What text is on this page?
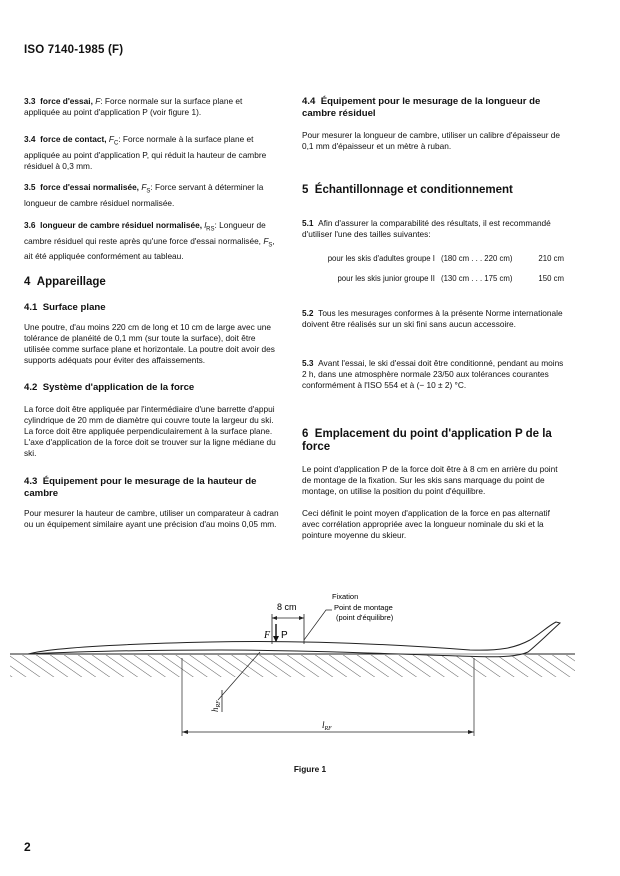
ISO 7140-1985 (F)

3.3 force d'essai, F: Force normale sur la surface plane et appliquée au point d'application P (voir figure 1).

3.4 force de contact, $F_C$: Force normale à la surface plane et appliquée au point d'application P, qui réduit la hauteur de cambre résiduel à 0,3 mm.

3.5 force d'essai normalisée, $F_S$: Force servant à déterminer la longueur de cambre résiduel normalisée.

3.6 longueur de cambre résiduel normalisée, $l_{RS}$: Longueur de cambre résiduel qui reste après qu'une force d'essai normalisée, $F_S$, ait été appliquée conformément au tableau.

4 Appareillage
4.1 Surface plane

Une poutre, d'au moins 220 cm de long et 10 cm de large avec une tolérance de planéité de 0,1 mm (sur toute la surface), doit être utilisée comme surface plane et horizontale. La poutre doit avoir des supports adéquats pour éviter des affaissements.

4.2 Système d'application de la force

La force doit être appliquée par l'intermédiaire d'une barrette d'appui cylindrique de 20 mm de diamètre qui couvre toute la largeur du ski. La force doit être appliquée perpendiculairement à la surface plane. L'axe d'application de la force doit se trouver sur la ligne médiane du ski.

4.3 Équipement pour le mesurage de la hauteur de cambre

Pour mesurer la hauteur de cambre, utiliser un comparateur à cadran ou un équipement similaire ayant une précision d'au moins 0,05 mm.

4.4 Équipement pour le mesurage de la longueur de cambre résiduel

Pour mesurer la longueur de cambre, utiliser un calibre d'épaisseur de 0,1 mm d'épaisseur et un mètre à ruban.

5 Échantillonnage et conditionnement

5.1 Afin d'assurer la comparabilité des résultats, il est recommandé d'utiliser l'une des tailles suivantes:

pour les skis d'adultes groupe I (180 cm . . . 220 cm)	210 cm
pour les skis junior groupe II (130 cm . . . 175 cm)	150 cm

5.2 Tous les mesurages conformes à la présente Norme internationale doivent être réalisés sur un ski fini sans aucun accessoire.

5.3 Avant l'essai, le ski d'essai doit être conditionné, pendant au moins 2 h, dans une atmosphère normale 23/50 aux tolérances courantes conformément à l'ISO 554 et à (− 10 ± 2) °C.

6 Emplacement du point d'application P de la force

Le point d'application P de la force doit être à 8 cm en arrière du point de montage de la fixation. Sur les skis sans marquage du point de montage, on utilise la position du point d'équilibre.

Ceci définit le point moyen d'application de la force en pas alternatif avec corrélation appropriée avec la longueur nominale du ski et la pointure moyenne du skieur.

8 cm
F P
Fixation
Point de montage
(point d'équilibre)
$h_{RF}$
$l_{RF}$
Figure 1
2
